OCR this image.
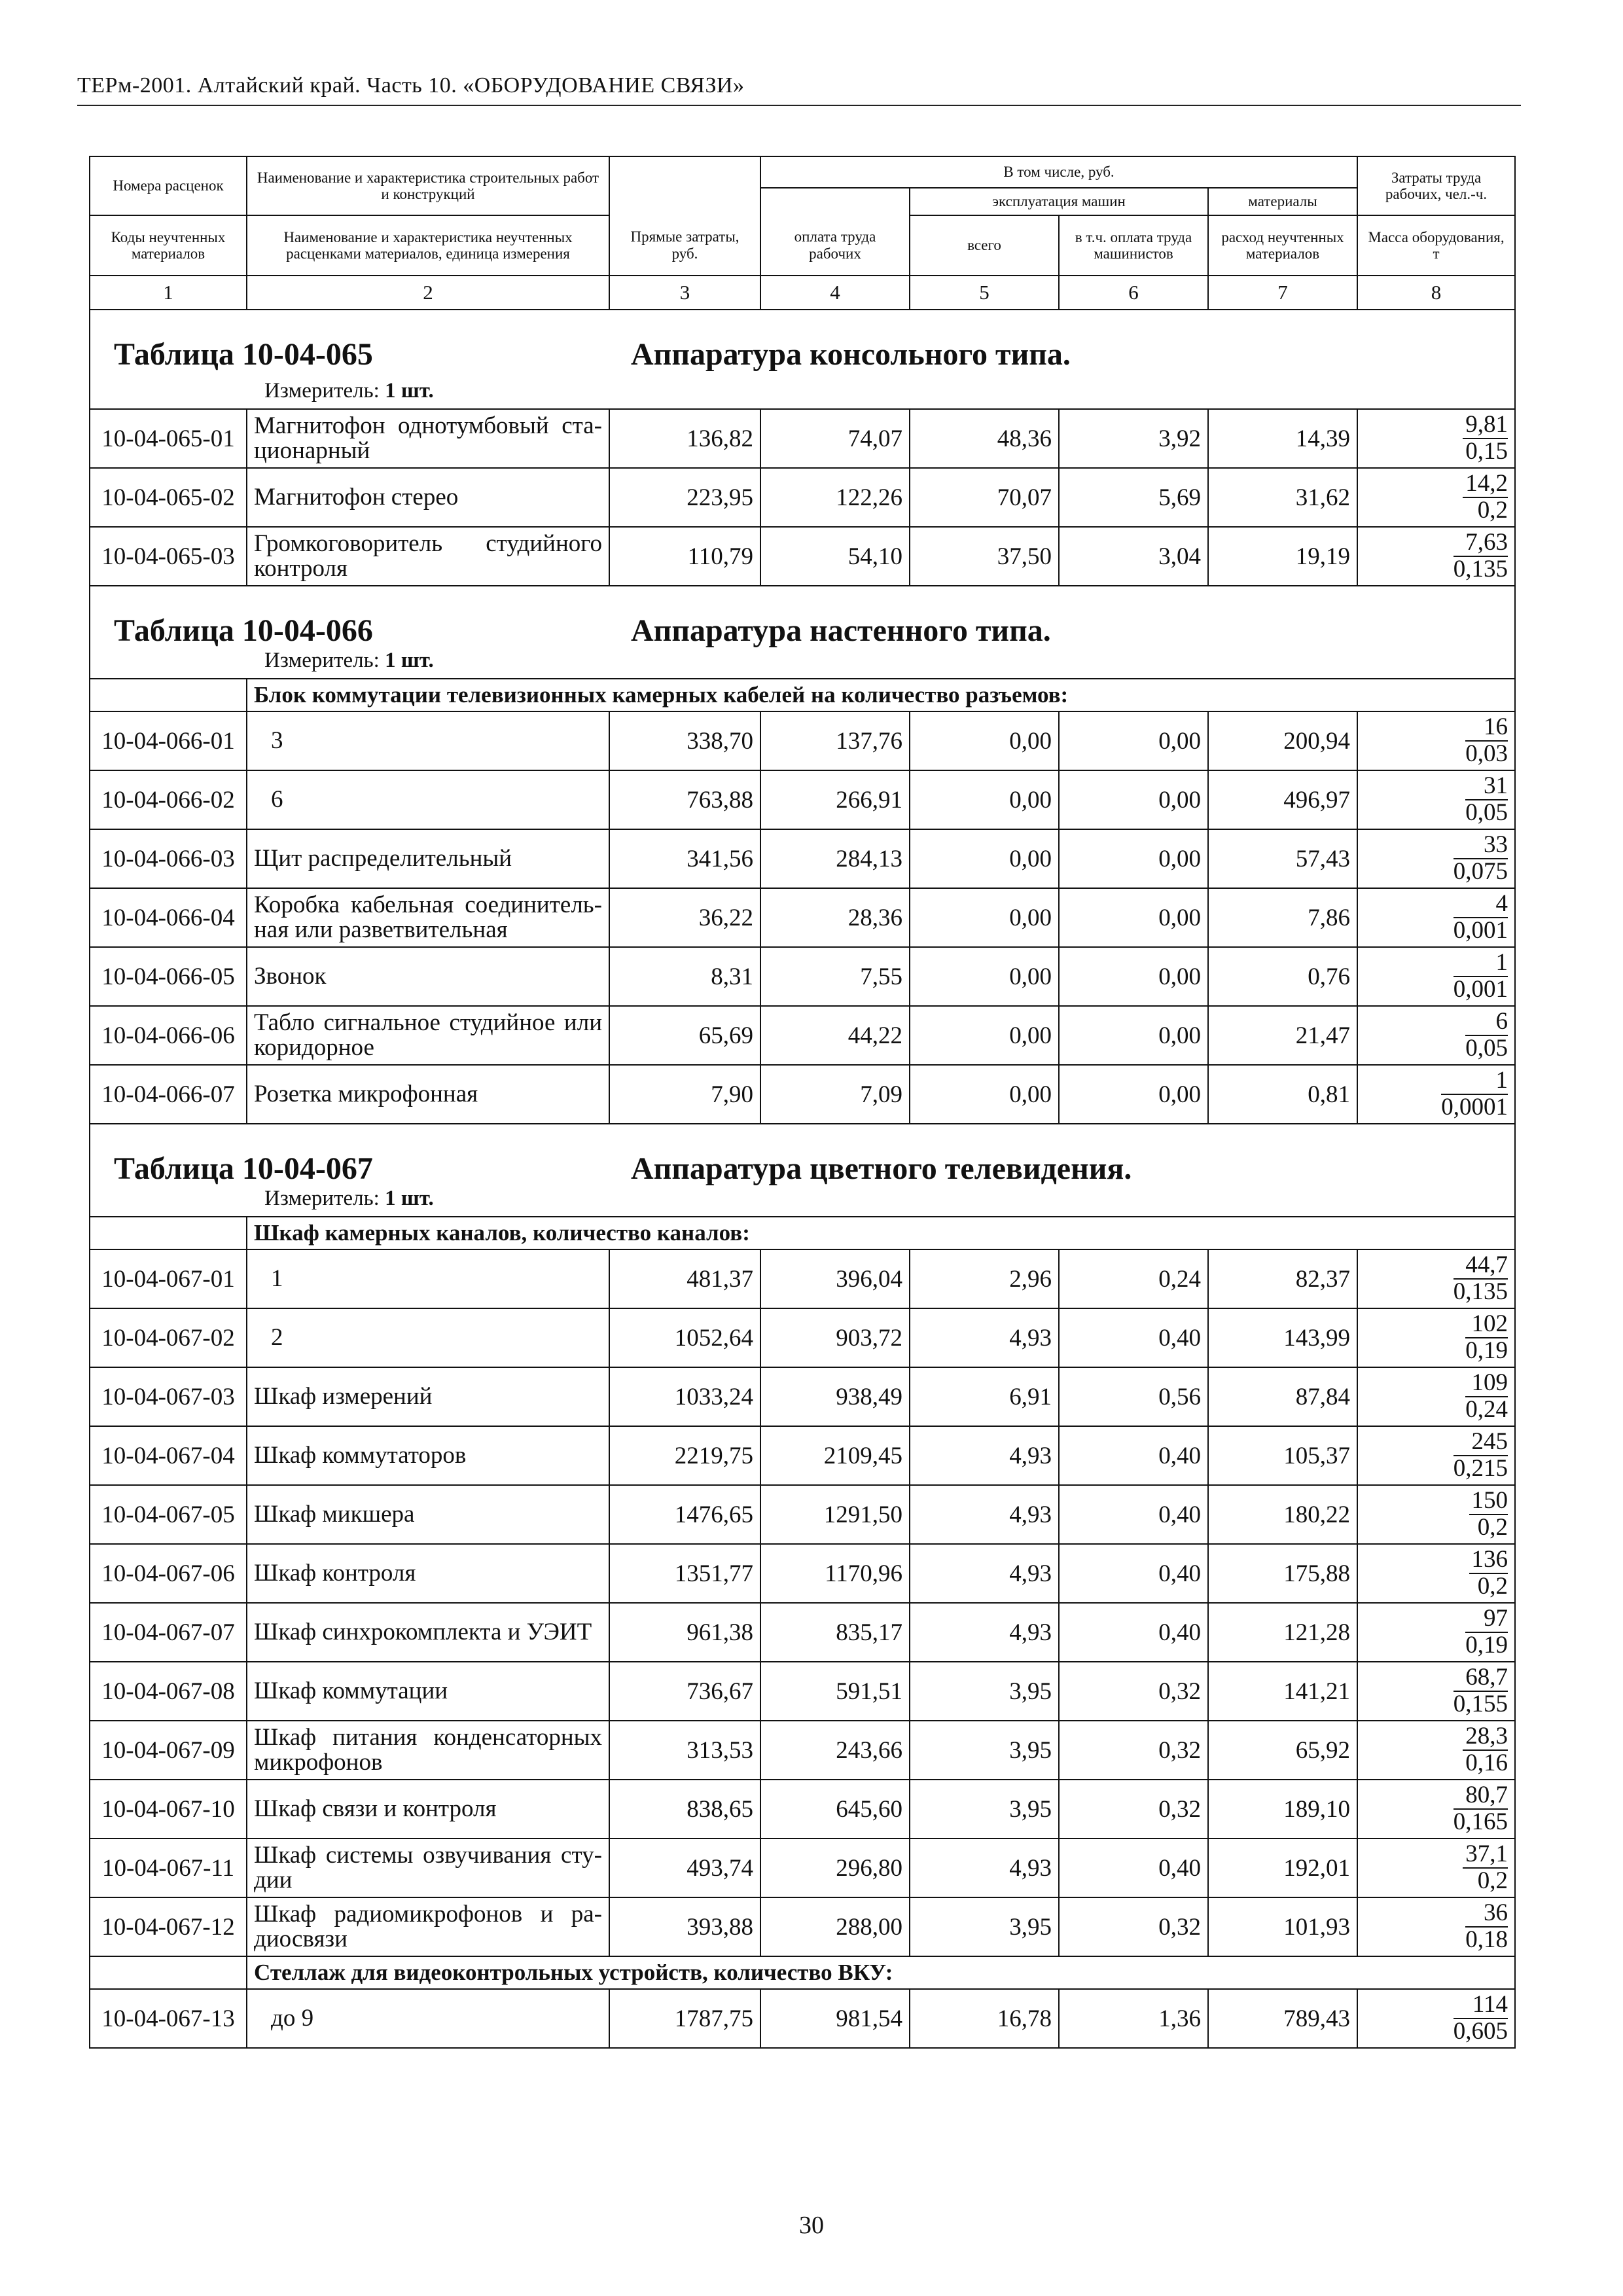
ТЕРм-2001. Алтайский край. Часть 10. «ОБОРУДОВАНИЕ СВЯЗИ»
Номера расценок	Наименование и характеристика строительных работ и конструкций		В том числе, руб.				Затраты труда рабочих, чел.-ч.
				эксплуатация машин		материалы	
				всего	в т.ч. оплата труда машинистов		
Коды неучтенных материалов	Наименование и характеристика неучтенных расценками материалов, единица измерения	Прямые затраты, руб.	оплата труда рабочих			расход неучтенных материалов	Масса оборудования, т
1	2	3	4	5	6	7	8

Таблица 10-04-065 Аппаратура консольного типа.
Измеритель: 1 шт.							

10-04-065-01	Магнитофон однотумбовый стационарный	136,82	74,07	48,36	3,92	14,39	$\frac{9,81}{0,15}$

10-04-065-02	Магнитофон стерео	223,95	122,26	70,07	5,69	31,62	$\frac{14,2}{0,2}$

10-04-065-03	Громкоговоритель студийного контроля	110,79	54,10	37,50	3,04	19,19	$\frac{7,63}{0,135}$

Таблица 10-04-066 Аппаратура настенного типа.
Измеритель: 1 шт.							

	Блок коммутации телевизионных камерных кабелей на количество разъемов:						
10-04-066-01	3	338,70	137,76	0,00	0,00	200,94	$\frac{16}{0,03}$

10-04-066-02	6	763,88	266,91	0,00	0,00	496,97	$\frac{31}{0,05}$

10-04-066-03	Щит распределительный	341,56	284,13	0,00	0,00	57,43	$\frac{33}{0,075}$

10-04-066-04	Коробка кабельная соединительная или разветвительная	36,22	28,36	0,00	0,00	7,86	$\frac{4}{0,001}$

10-04-066-05	Звонок	8,31	7,55	0,00	0,00	0,76	$\frac{1}{0,001}$

10-04-066-06	Табло сигнальное студийное или коридорное	65,69	44,22	0,00	0,00	21,47	$\frac{6}{0,05}$

10-04-066-07	Розетка микрофонная	7,90	7,09	0,00	0,00	0,81	$\frac{1}{0,0001}$

Таблица 10-04-067 Аппаратура цветного телевидения.
Измеритель: 1 шт.							

	Шкаф камерных каналов, количество каналов:						
10-04-067-01	1	481,37	396,04	2,96	0,24	82,37	$\frac{44,7}{0,135}$

10-04-067-02	2	1052,64	903,72	4,93	0,40	143,99	$\frac{102}{0,19}$

10-04-067-03	Шкаф измерений	1033,24	938,49	6,91	0,56	87,84	$\frac{109}{0,24}$

10-04-067-04	Шкаф коммутаторов	2219,75	2109,45	4,93	0,40	105,37	$\frac{245}{0,215}$

10-04-067-05	Шкаф микшера	1476,65	1291,50	4,93	0,40	180,22	$\frac{150}{0,2}$

10-04-067-06	Шкаф контроля	1351,77	1170,96	4,93	0,40	175,88	$\frac{136}{0,2}$

10-04-067-07	Шкаф синхрокомплекта и УЭИТ	961,38	835,17	4,93	0,40	121,28	$\frac{97}{0,19}$

10-04-067-08	Шкаф коммутации	736,67	591,51	3,95	0,32	141,21	$\frac{68,7}{0,155}$

10-04-067-09	Шкаф питания конденсаторных микрофонов	313,53	243,66	3,95	0,32	65,92	$\frac{28,3}{0,16}$

10-04-067-10	Шкаф связи и контроля	838,65	645,60	3,95	0,32	189,10	$\frac{80,7}{0,165}$

10-04-067-11	Шкаф системы озвучивания студии	493,74	296,80	4,93	0,40	192,01	$\frac{37,1}{0,2}$

10-04-067-12	Шкаф радиомикрофонов и радиосвязи	393,88	288,00	3,95	0,32	101,93	$\frac{36}{0,18}$

	Стеллаж для видеоконтрольных устройств, количество ВКУ:						
10-04-067-13	до 9	1787,75	981,54	16,78	1,36	789,43	$\frac{114}{0,605}$
30
